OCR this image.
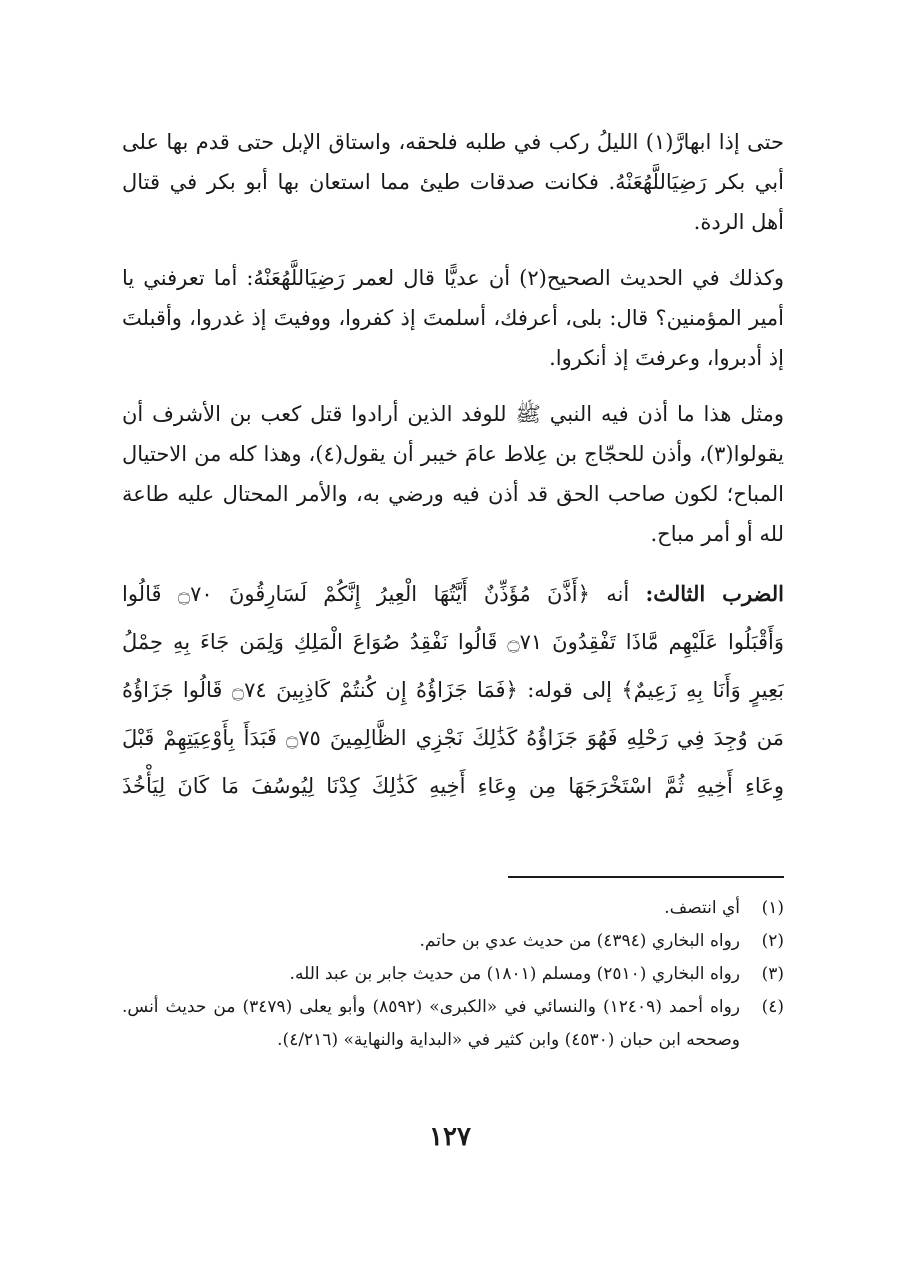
حتى إذا ابهارَّ(١) الليلُ ركب في طلبه فلحقه، واستاق الإبل حتى قدم بها على أبي بكر رَضِيَاللَّهُعَنْهُ. فكانت صدقات طيئ مما استعان بها أبو بكر في قتال أهل الردة.

وكذلك في الحديث الصحيح(٢) أن عديًّا قال لعمر رَضِيَاللَّهُعَنْهُ: أما تعرفني يا أمير المؤمنين؟ قال: بلى، أعرفك، أسلمتَ إذ كفروا، ووفيتَ إذ غدروا، وأقبلتَ إذ أدبروا، وعرفتَ إذ أنكروا.

ومثل هذا ما أذن فيه النبي ﷺ للوفد الذين أرادوا قتل كعب بن الأشرف أن يقولوا(٣)، وأذن للحجّاج بن عِلاط عامَ خيبر أن يقول(٤)، وهذا كله من الاحتيال المباح؛ لكون صاحب الحق قد أذن فيه ورضي به، والأمر المحتال عليه طاعة لله أو أمر مباح.

الضرب الثالث: أنه ﴿أَذَّنَ مُؤَذِّنٌ أَيَّتُهَا الْعِيرُ إِنَّكُمْ لَسَارِقُونَ ۝٧٠ قَالُوا

وَأَقْبَلُوا عَلَيْهِم مَّاذَا تَفْقِدُونَ ۝٧١ قَالُوا نَفْقِدُ صُوَاعَ الْمَلِكِ وَلِمَن جَاءَ بِهِ حِمْلُ

بَعِيرٍ وَأَنَا بِهِ زَعِيمٌ﴾ إلى قوله: ﴿فَمَا جَزَاؤُهُ إِن كُنتُمْ كَاذِبِينَ ۝٧٤ قَالُوا جَزَاؤُهُ

مَن وُجِدَ فِي رَحْلِهِ فَهُوَ جَزَاؤُهُ كَذَٰلِكَ نَجْزِي الظَّالِمِينَ ۝٧٥ فَبَدَأَ بِأَوْعِيَتِهِمْ قَبْلَ

وِعَاءِ أَخِيهِ ثُمَّ اسْتَخْرَجَهَا مِن وِعَاءِ أَخِيهِ كَذَٰلِكَ كِدْنَا لِيُوسُفَ مَا كَانَ لِيَأْخُذَ

(١)
أي انتصف.
(٢)
رواه البخاري (٤٣٩٤) من حديث عدي بن حاتم.
(٣)
رواه البخاري (٢٥١٠) ومسلم (١٨٠١) من حديث جابر بن عبد الله.
(٤)
رواه أحمد (١٢٤٠٩) والنسائي في «الكبرى» (٨٥٩٢) وأبو يعلى (٣٤٧٩) من حديث أنس. وصححه ابن حبان (٤٥٣٠) وابن كثير في «البداية والنهاية» (٤/٢١٦).
١٢٧
